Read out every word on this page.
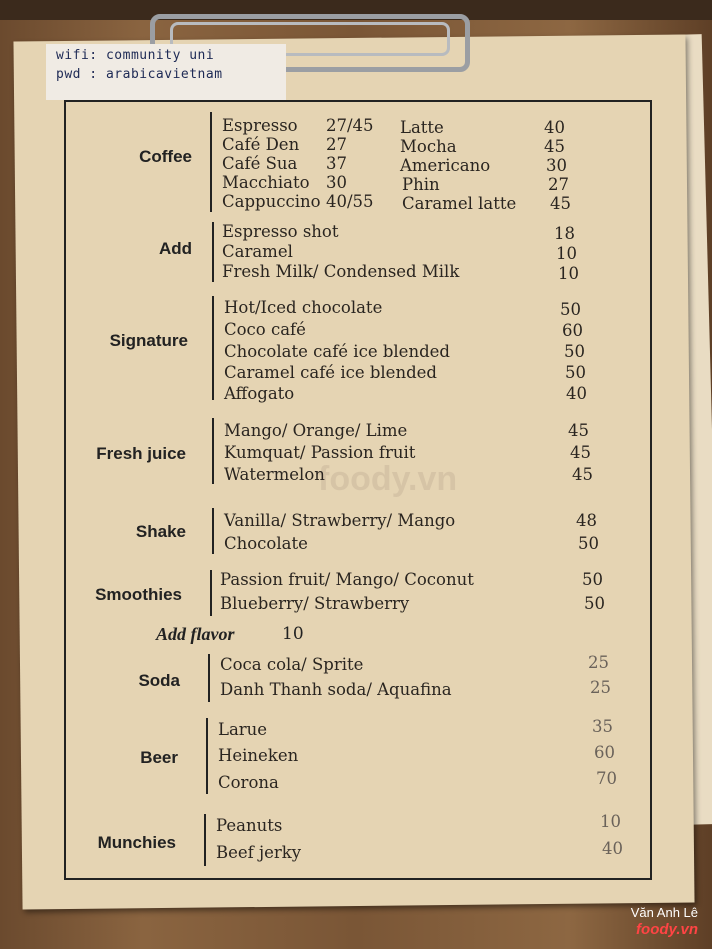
wifi: community uni
pwd : arabicavietnam
foody.vn
Coffee
Espresso 27/45
Café Den 27
Café Sua 37
Macchiato 30
Cappuccino 40/55
Latte	40
Mocha	45
Americano	30
Phin	27
Caramel latte 45
Add
Espresso shot	18
Caramel	10
Fresh Milk/ Condensed Milk	10
Signature
Hot/Iced chocolate	50
Coco café	60
Chocolate café ice blended	50
Caramel café ice blended	50
Affogato	40
Fresh juice
Mango/ Orange/ Lime	45
Kumquat/ Passion fruit	45
Watermelon	45
Shake
Vanilla/ Strawberry/ Mango	48
Chocolate	50
Smoothies
Passion fruit/ Mango/ Coconut	50
Blueberry/ Strawberry	50
Add flavor	10
Soda
Coca cola/ Sprite	25
Danh Thanh soda/ Aquafina	25
Beer
Larue	35
Heineken	60
Corona	70
Munchies
Peanuts	10
Beef jerky	40
Văn Anh Lê
foody.vn
